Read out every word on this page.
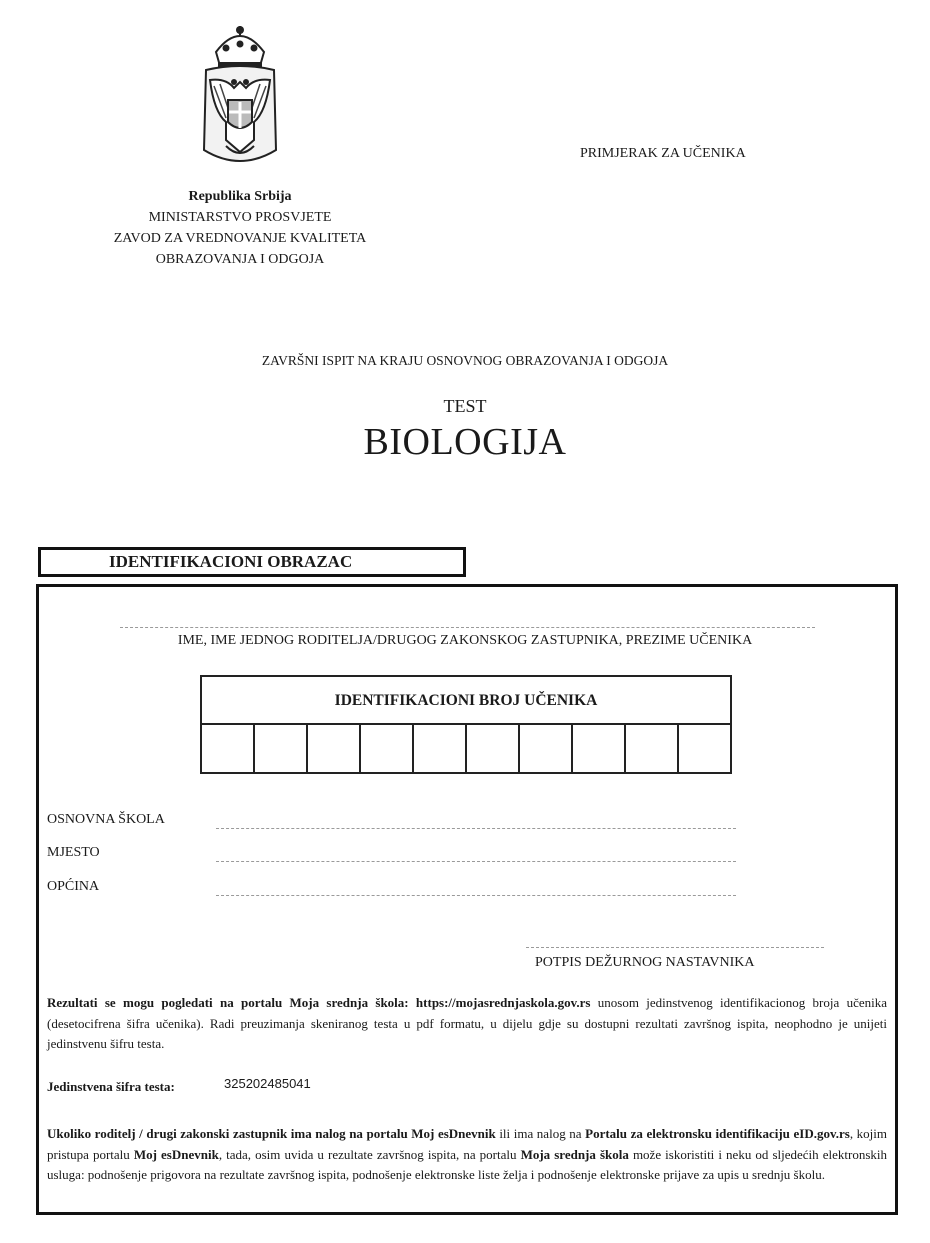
Republika Srbija
MINISTARSTVO PROSVJETE
ZAVOD ZA VREDNOVANJE KVALITETA
OBRAZOVANJA I ODGOJA
PRIMJERAK ZA UČENIKA
ZAVRŠNI ISPIT NA KRAJU OSNOVNOG OBRAZOVANJA I ODGOJA
TEST
BIOLOGIJA
IDENTIFIKACIONI OBRAZAC
IME, IME JEDNOG RODITELJA/DRUGOG ZAKONSKOG ZASTUPNIKA, PREZIME UČENIKA
IDENTIFIKACIONI BROJ UČENIKA
OSNOVNA ŠKOLA
MJESTO
OPĆINA
POTPIS DEŽURNOG NASTAVNIKA
Rezultati se mogu pogledati na portalu Moja srednja škola: https://mojasrednjaskola.gov.rs unosom jedinstvenog identifikacionog broja učenika (desetocifrena šifra učenika). Radi preuzimanja skeniranog testa u pdf formatu, u dijelu gdje su dostupni rezultati završnog ispita, neophodno je unijeti jedinstvenu šifru testa.
Jedinstvena šifra testa:	325202485041
Ukoliko roditelj / drugi zakonski zastupnik ima nalog na portalu Moj esDnevnik ili ima nalog na Portalu za elektronsku identifikaciju eID.gov.rs, kojim pristupa portalu Moj esDnevnik, tada, osim uvida u rezultate završnog ispita, na portalu Moja srednja škola može iskoristiti i neku od sljedećih elektronskih usluga: podnošenje prigovora na rezultate završnog ispita, podnošenje elektronske liste želja i podnošenje elektronske prijave za upis u srednju školu.
